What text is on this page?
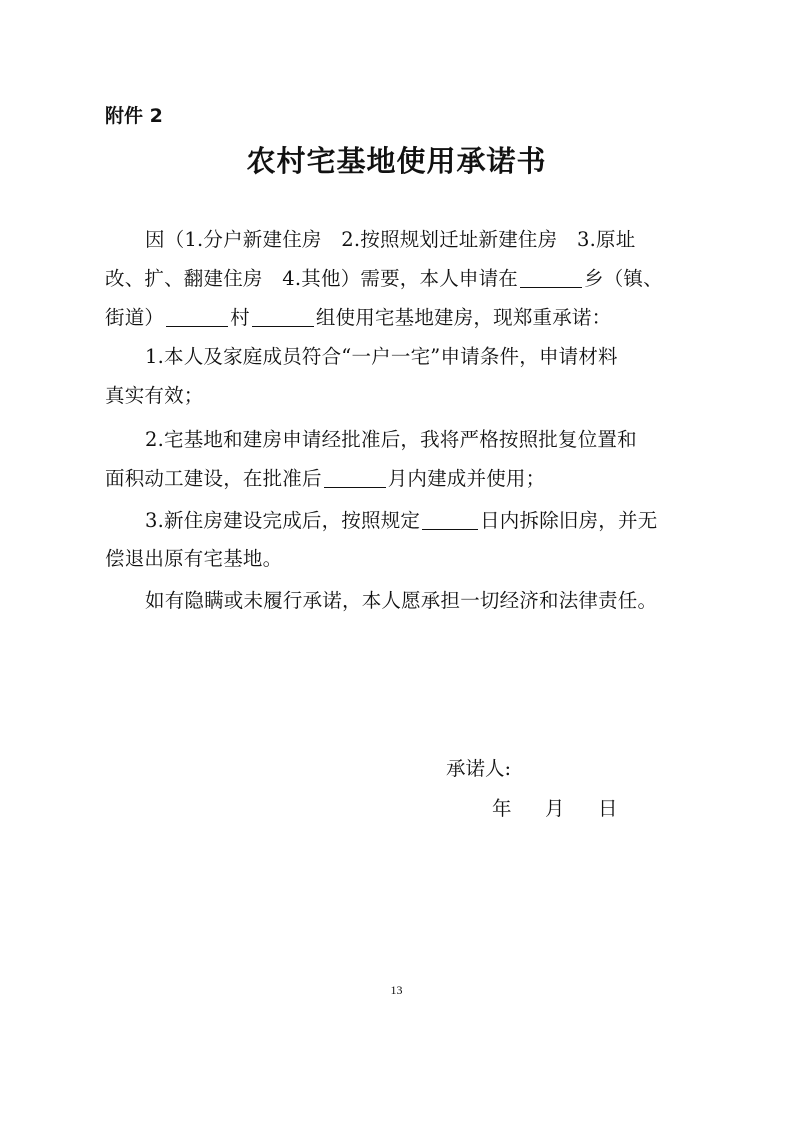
附件 2
农村宅基地使用承诺书
因（1.分户新建住房　2.按照规划迁址新建住房　3.原址
改、扩、翻建住房　4.其他）需要，本人申请在	乡（镇、
街道）	村	组使用宅基地建房，现郑重承诺：
1.本人及家庭成员符合“一户一宅”申请条件，申请材料
真实有效；
2.宅基地和建房申请经批准后，我将严格按照批复位置和
面积动工建设，在批准后	月内建成并使用；
3.新住房建设完成后，按照规定	日内拆除旧房，并无
偿退出原有宅基地。
如有隐瞒或未履行承诺，本人愿承担一切经济和法律责任。
承诺人:
年 月 日
13
